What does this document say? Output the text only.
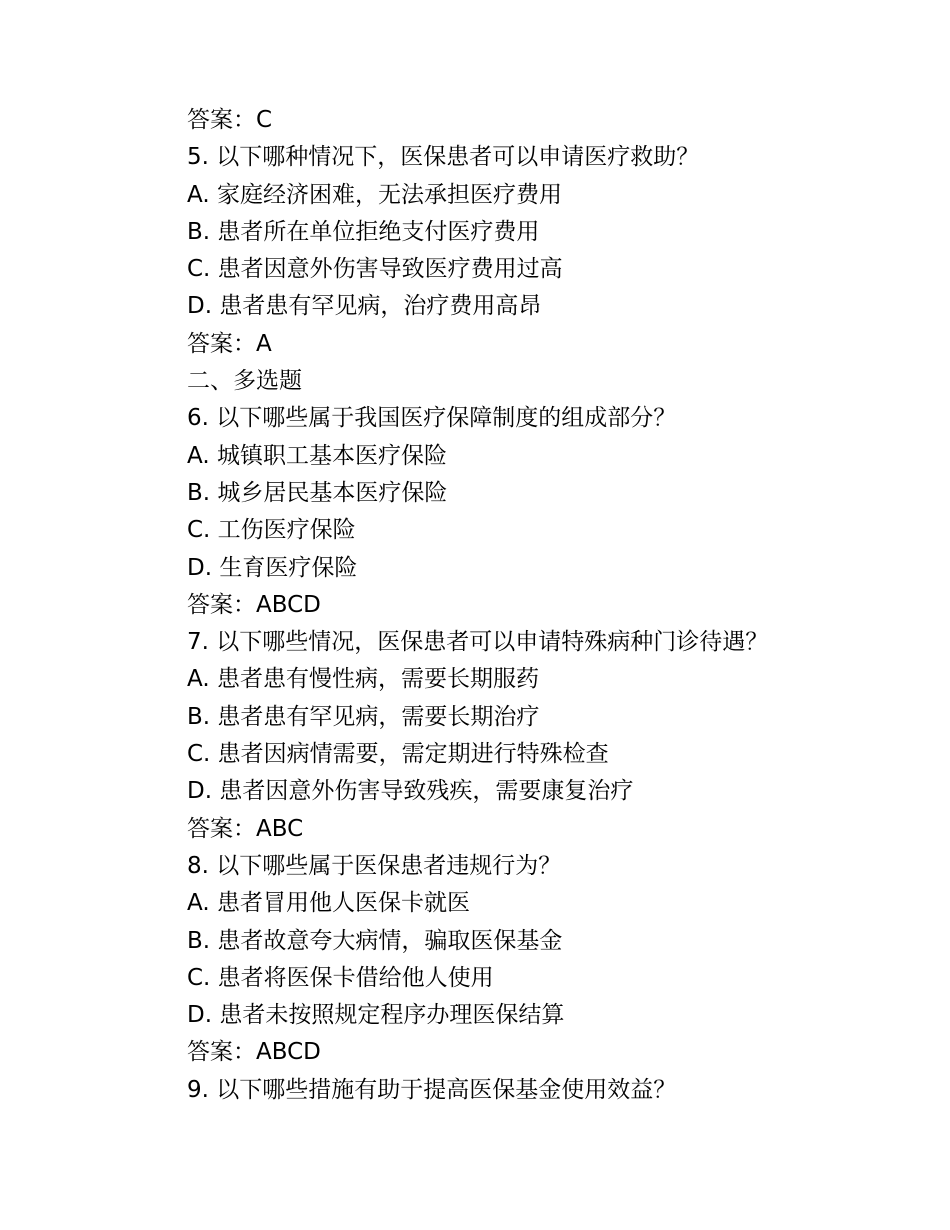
答案：C
5. 以下哪种情况下，医保患者可以申请医疗救助？
A. 家庭经济困难，无法承担医疗费用
B. 患者所在单位拒绝支付医疗费用
C. 患者因意外伤害导致医疗费用过高
D. 患者患有罕见病，治疗费用高昂
答案：A
二、多选题
6. 以下哪些属于我国医疗保障制度的组成部分？
A. 城镇职工基本医疗保险
B. 城乡居民基本医疗保险
C. 工伤医疗保险
D. 生育医疗保险
答案：ABCD
7. 以下哪些情况，医保患者可以申请特殊病种门诊待遇？
A. 患者患有慢性病，需要长期服药
B. 患者患有罕见病，需要长期治疗
C. 患者因病情需要，需定期进行特殊检查
D. 患者因意外伤害导致残疾，需要康复治疗
答案：ABC
8. 以下哪些属于医保患者违规行为？
A. 患者冒用他人医保卡就医
B. 患者故意夸大病情，骗取医保基金
C. 患者将医保卡借给他人使用
D. 患者未按照规定程序办理医保结算
答案：ABCD
9. 以下哪些措施有助于提高医保基金使用效益？
